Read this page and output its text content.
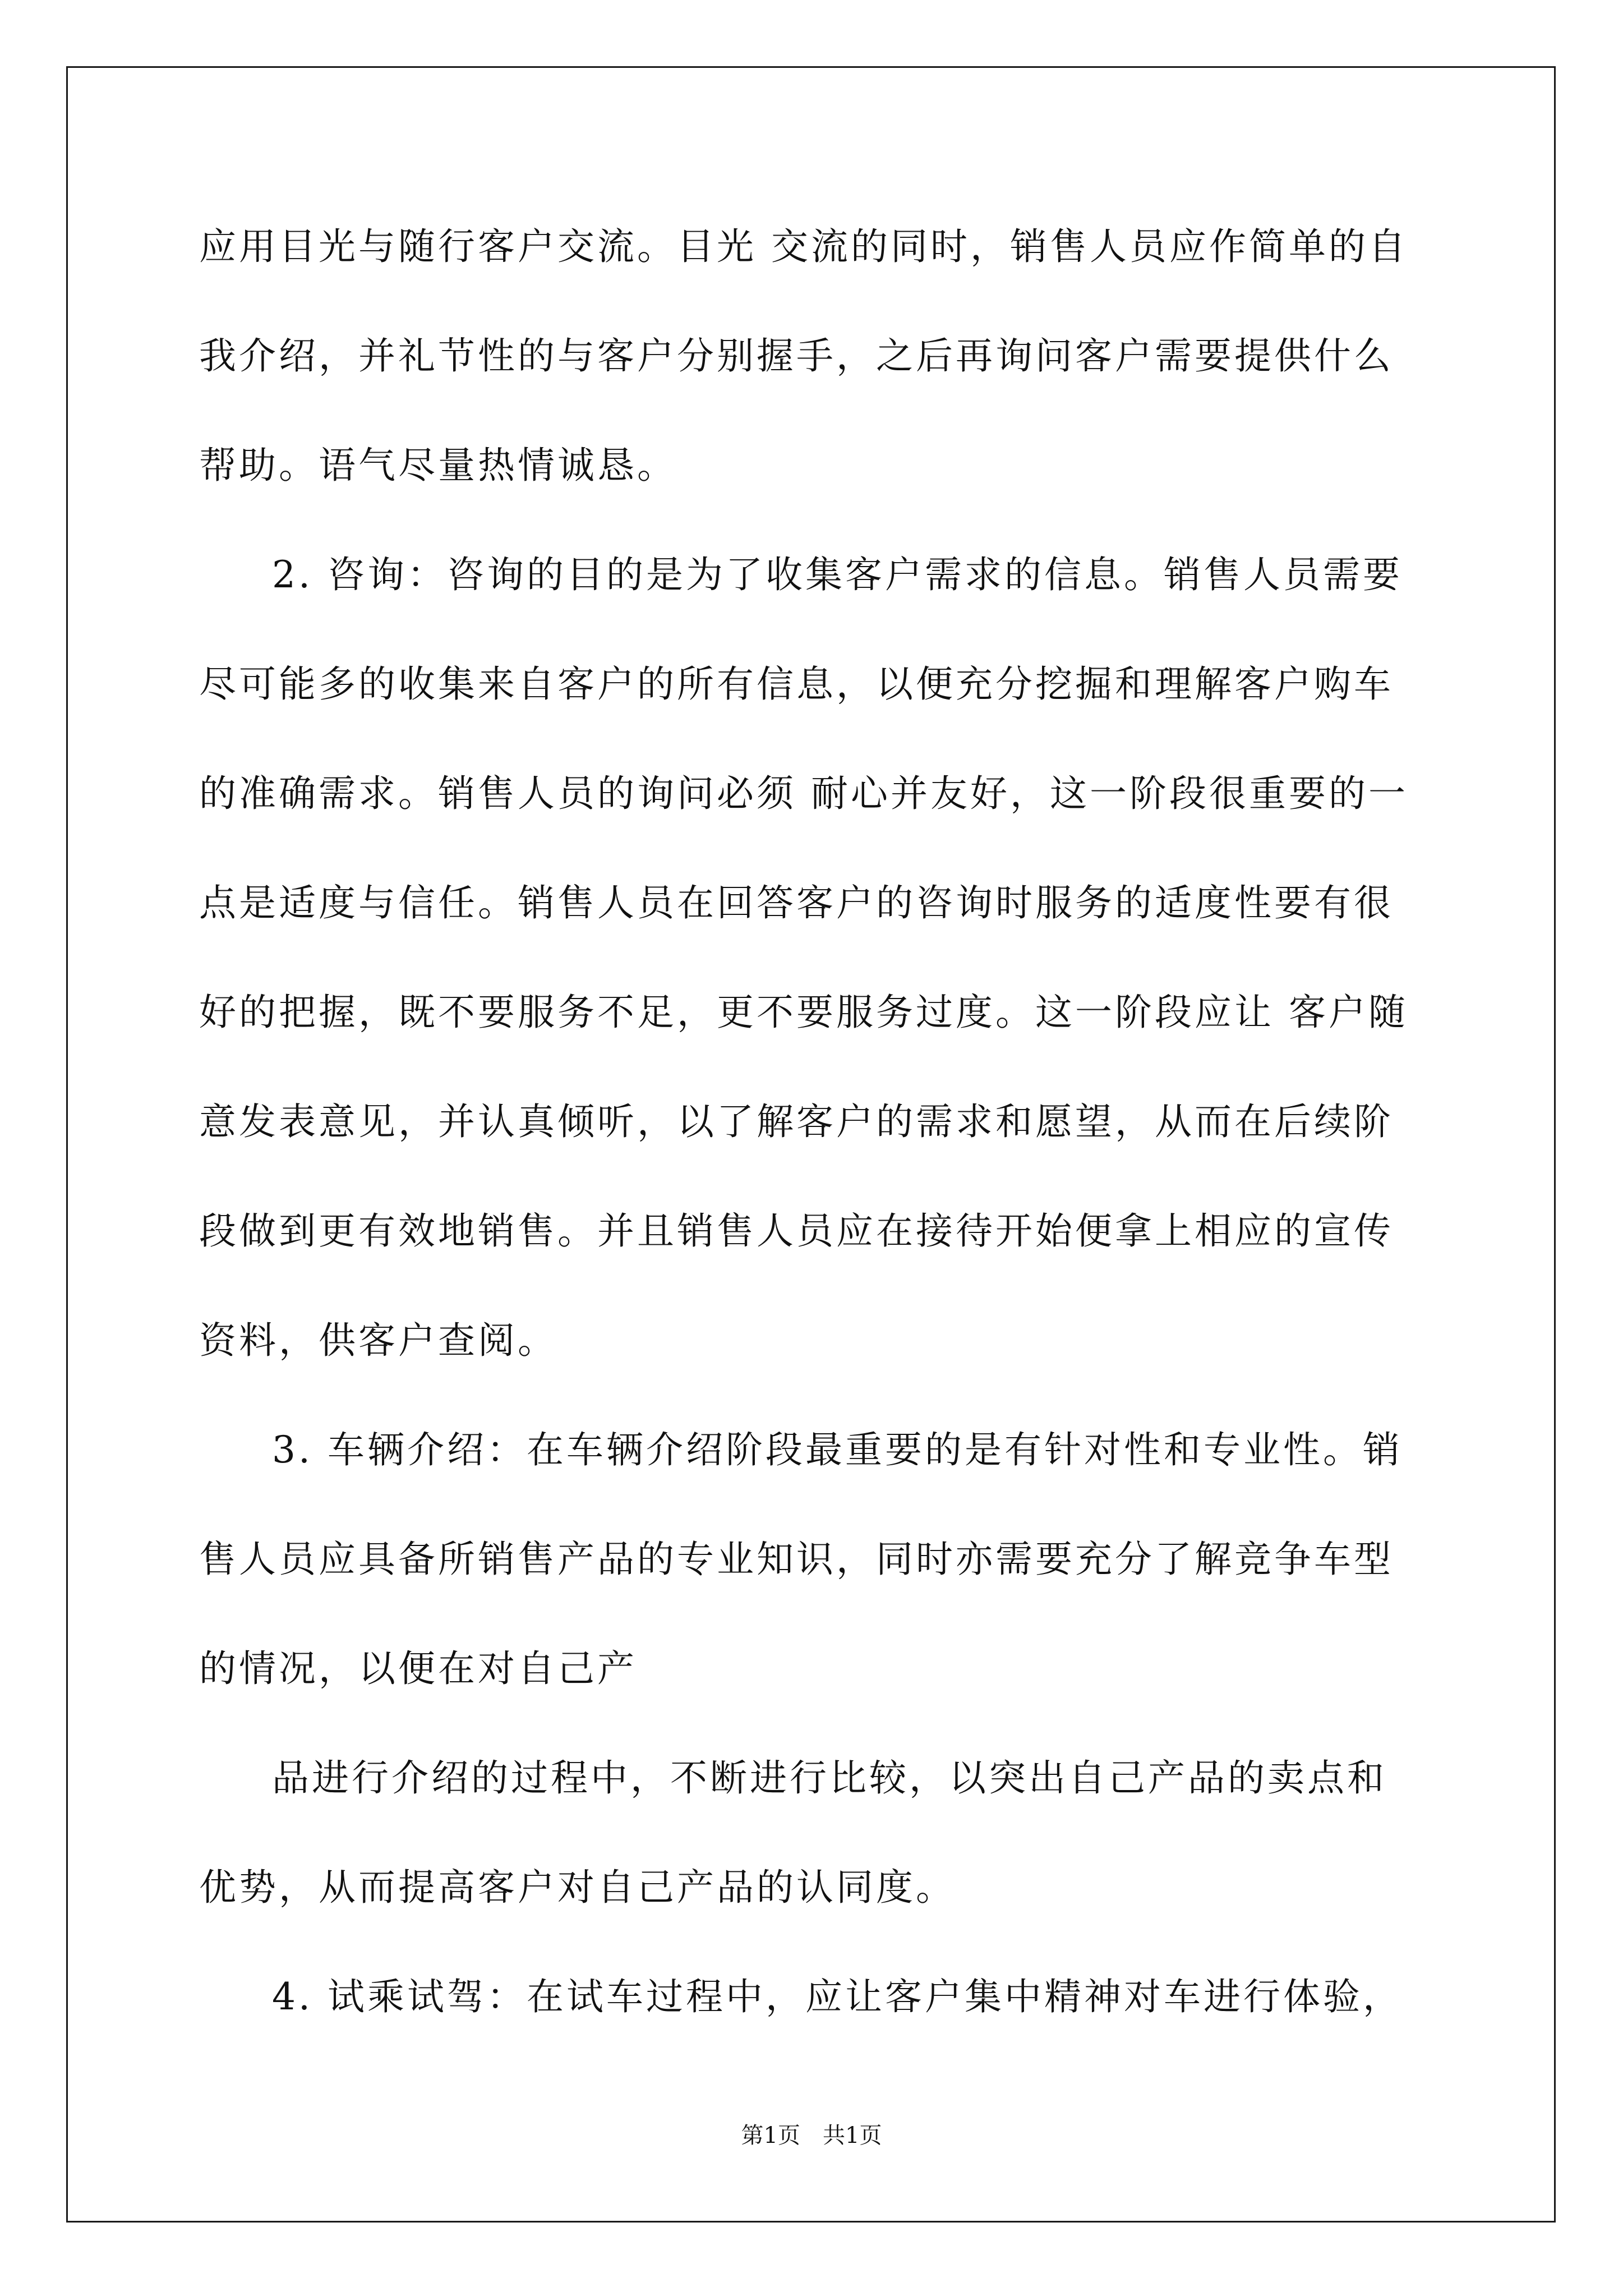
应用目光与随行客户交流。目光 交流的同时，销售人员应作简单的自

我介绍，并礼节性的与客户分别握手，之后再询问客户需要提供什么

帮助。语气尽量热情诚恳。

2. 咨询：咨询的目的是为了收集客户需求的信息。销售人员需要

尽可能多的收集来自客户的所有信息，以便充分挖掘和理解客户购车

的准确需求。销售人员的询问必须 耐心并友好，这一阶段很重要的一

点是适度与信任。销售人员在回答客户的咨询时服务的适度性要有很

好的把握，既不要服务不足，更不要服务过度。这一阶段应让 客户随

意发表意见，并认真倾听，以了解客户的需求和愿望，从而在后续阶

段做到更有效地销售。并且销售人员应在接待开始便拿上相应的宣传

资料，供客户查阅。

3. 车辆介绍：在车辆介绍阶段最重要的是有针对性和专业性。销

售人员应具备所销售产品的专业知识，同时亦需要充分了解竞争车型

的情况，以便在对自己产

品进行介绍的过程中，不断进行比较，以突出自己产品的卖点和

优势，从而提高客户对自己产品的认同度。

4. 试乘试驾：在试车过程中，应让客户集中精神对车进行体验，

第1页　共1页
